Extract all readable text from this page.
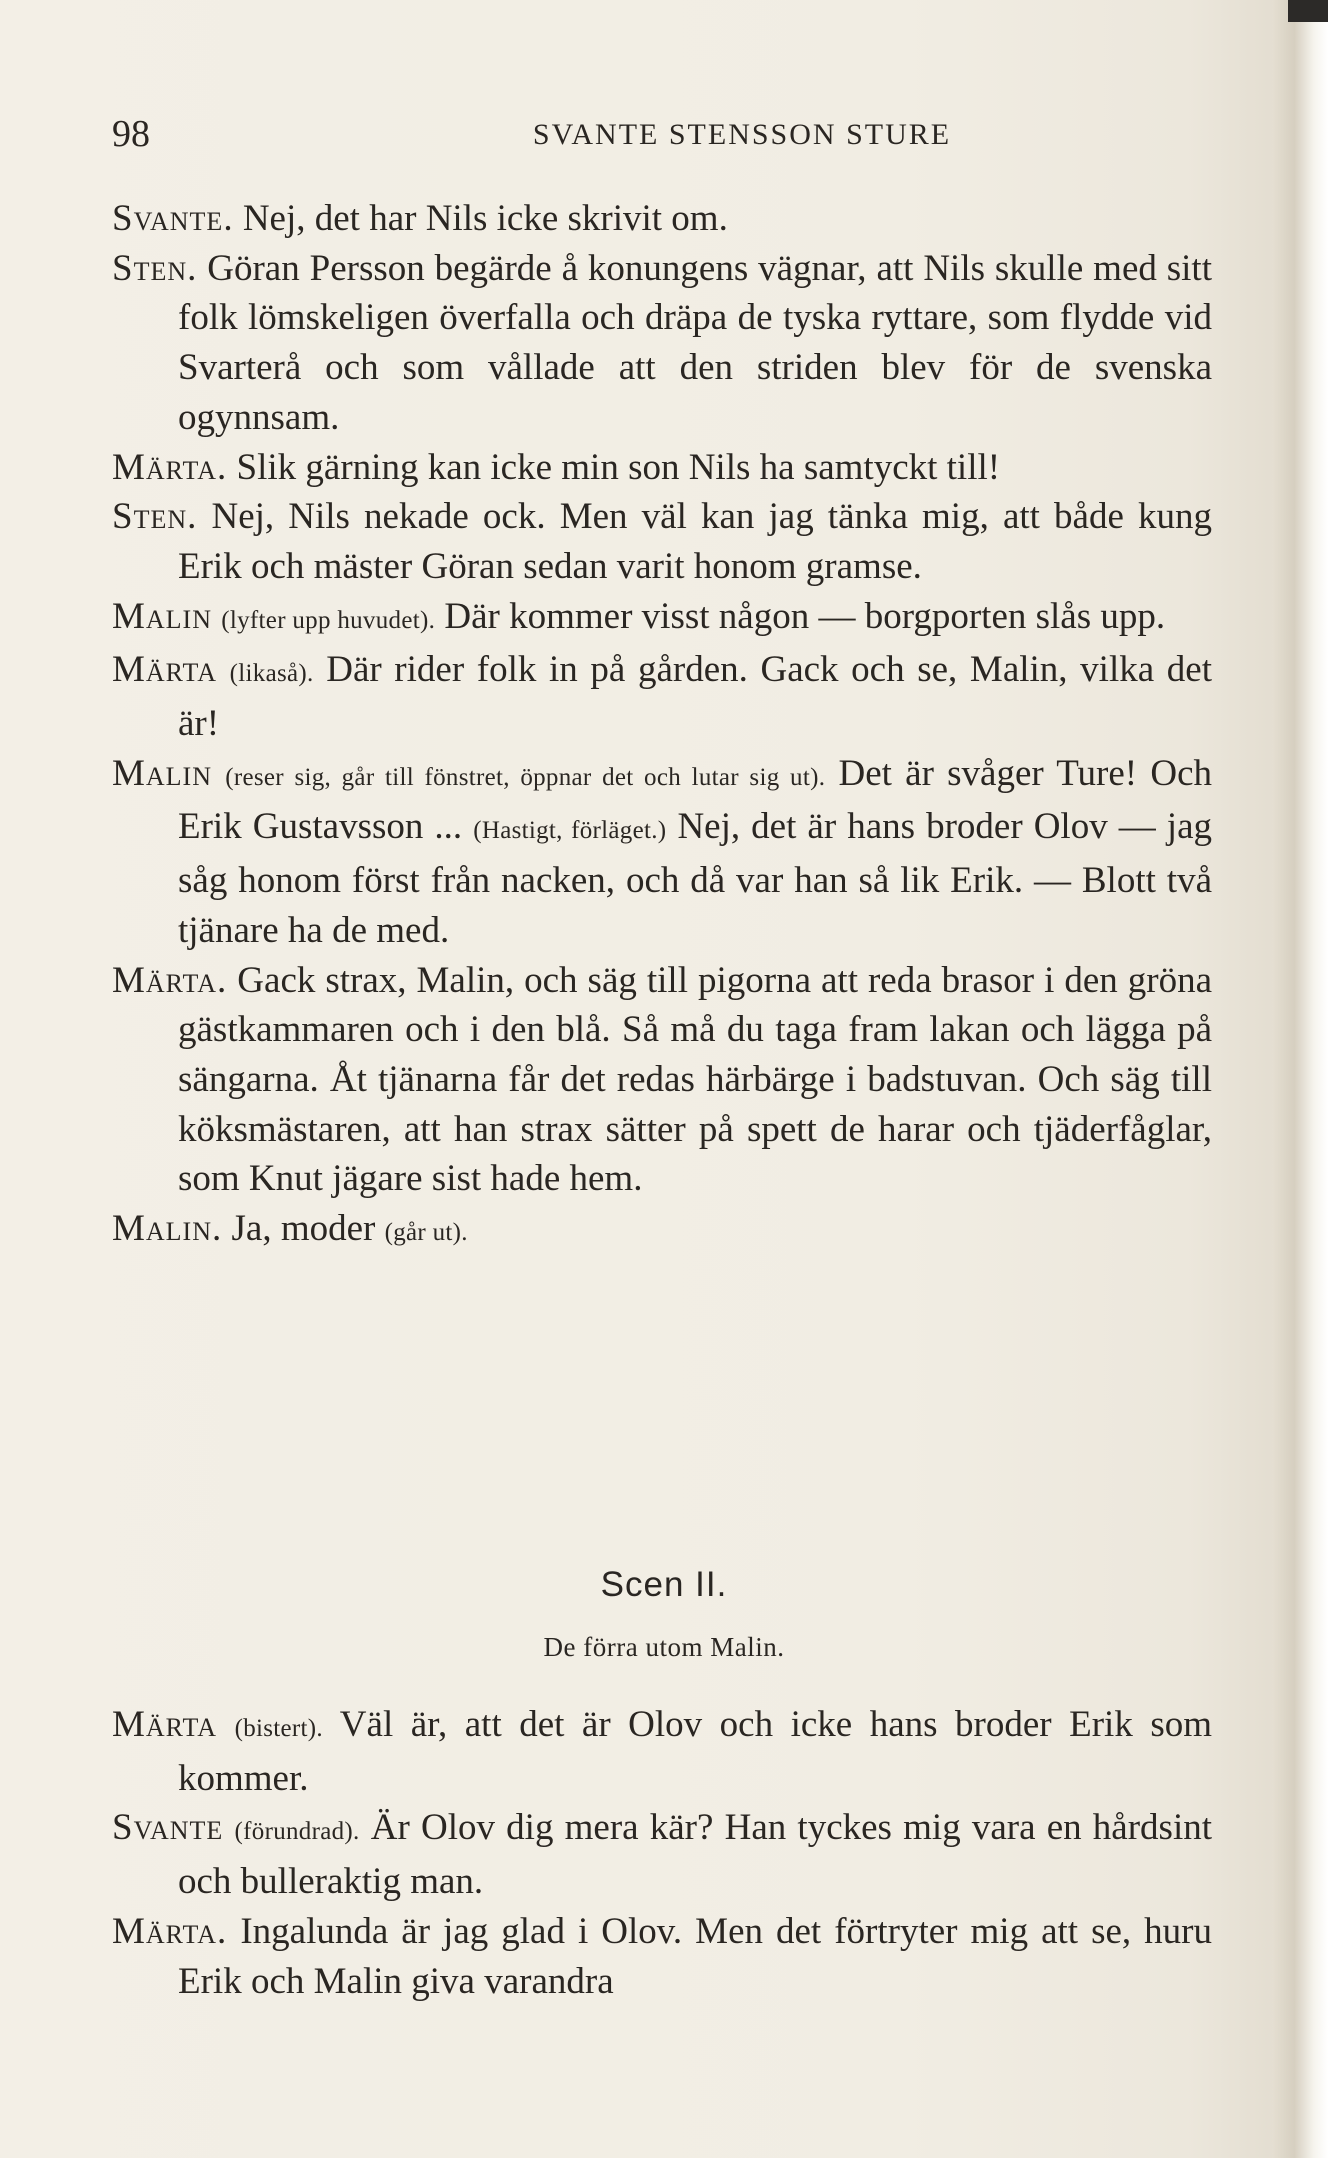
98	SVANTE STENSSON STURE

Svante. Nej, det har Nils icke skrivit om.

Sten. Göran Persson begärde å konungens vägnar, att Nils skulle med sitt folk lömskeligen överfalla och dräpa de tyska ryttare, som flydde vid Svarterå och som vållade att den striden blev för de svenska ogynnsam.

Märta. Slik gärning kan icke min son Nils ha samtyckt till!

Sten. Nej, Nils nekade ock. Men väl kan jag tänka mig, att både kung Erik och mäster Göran sedan varit honom gramse.

Malin (lyfter upp huvudet). Där kommer visst någon — borgporten slås upp.

Märta (likaså). Där rider folk in på gården. Gack och se, Malin, vilka det är!

Malin (reser sig, går till fönstret, öppnar det och lutar sig ut). Det är svåger Ture! Och Erik Gustavsson ... (Hastigt, förläget.) Nej, det är hans broder Olov — jag såg honom först från nacken, och då var han så lik Erik. — Blott två tjänare ha de med.

Märta. Gack strax, Malin, och säg till pigorna att reda brasor i den gröna gästkammaren och i den blå. Så må du taga fram lakan och lägga på sängarna. Åt tjänarna får det redas härbärge i badstuvan. Och säg till köksmästaren, att han strax sätter på spett de harar och tjäderfåglar, som Knut jägare sist hade hem.

Malin. Ja, moder (går ut).

Scen II.
De förra utom Malin.

Märta (bistert). Väl är, att det är Olov och icke hans broder Erik som kommer.

Svante (förundrad). Är Olov dig mera kär? Han tyckes mig vara en hårdsint och bulleraktig man.

Märta. Ingalunda är jag glad i Olov. Men det förtryter mig att se, huru Erik och Malin giva varandra
